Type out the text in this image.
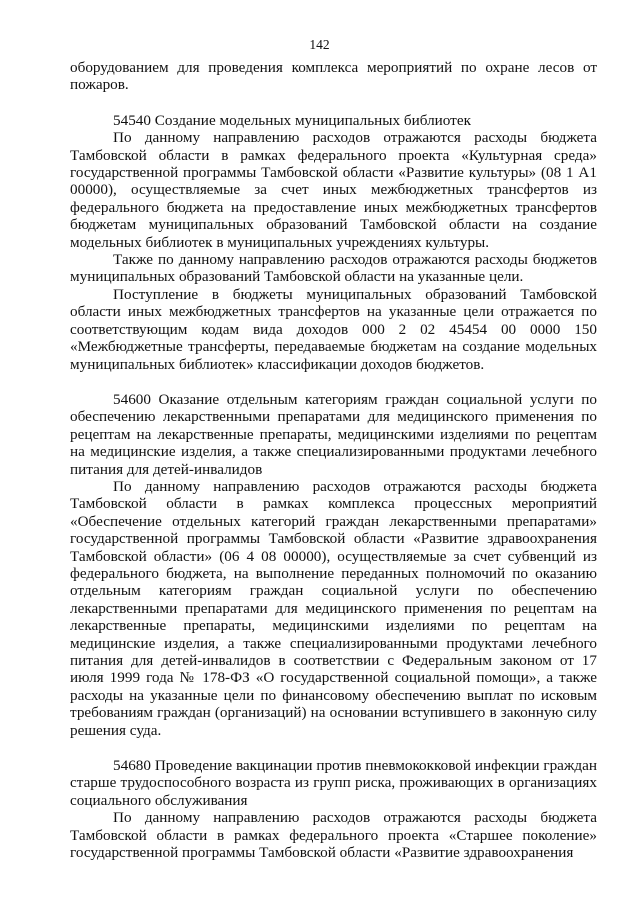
142

оборудованием для проведения комплекса мероприятий по охране лесов от пожаров.

54540 Создание модельных муниципальных библиотек

По данному направлению расходов отражаются расходы бюджета Тамбовской области в рамках федерального проекта «Культурная среда» государственной программы Тамбовской области «Развитие культуры» (08 1 А1 00000), осуществляемые за счет иных межбюджетных трансфертов из федерального бюджета на предоставление иных межбюджетных трансфертов бюджетам муниципальных образований Тамбовской области на создание модельных библиотек в муниципальных учреждениях культуры.

Также по данному направлению расходов отражаются расходы бюджетов муниципальных образований Тамбовской области на указанные цели.

Поступление в бюджеты муниципальных образований Тамбовской области иных межбюджетных трансфертов на указанные цели отражается по соответствующим кодам вида доходов 000 2 02 45454 00 0000 150 «Межбюджетные трансферты, передаваемые бюджетам на создание модельных муниципальных библиотек» классификации доходов бюджетов.

54600 Оказание отдельным категориям граждан социальной услуги по обеспечению лекарственными препаратами для медицинского применения по рецептам на лекарственные препараты, медицинскими изделиями по рецептам на медицинские изделия, а также специализированными продуктами лечебного питания для детей-инвалидов

По данному направлению расходов отражаются расходы бюджета Тамбовской области в рамках комплекса процессных мероприятий «Обеспечение отдельных категорий граждан лекарственными препаратами» государственной программы Тамбовской области «Развитие здравоохранения Тамбовской области» (06 4 08 00000), осуществляемые за счет субвенций из федерального бюджета, на выполнение переданных полномочий по оказанию отдельным категориям граждан социальной услуги по обеспечению лекарственными препаратами для медицинского применения по рецептам на лекарственные препараты, медицинскими изделиями по рецептам на медицинские изделия, а также специализированными продуктами лечебного питания для детей-инвалидов в соответствии с Федеральным законом от 17 июля 1999 года № 178-ФЗ «О государственной социальной помощи», а также расходы на указанные цели по финансовому обеспечению выплат по исковым требованиям граждан (организаций) на основании вступившего в законную силу решения суда.

54680 Проведение вакцинации против пневмококковой инфекции граждан старше трудоспособного возраста из групп риска, проживающих в организациях социального обслуживания

По данному направлению расходов отражаются расходы бюджета Тамбовской области в рамках федерального проекта «Старшее поколение» государственной программы Тамбовской области «Развитие здравоохранения
